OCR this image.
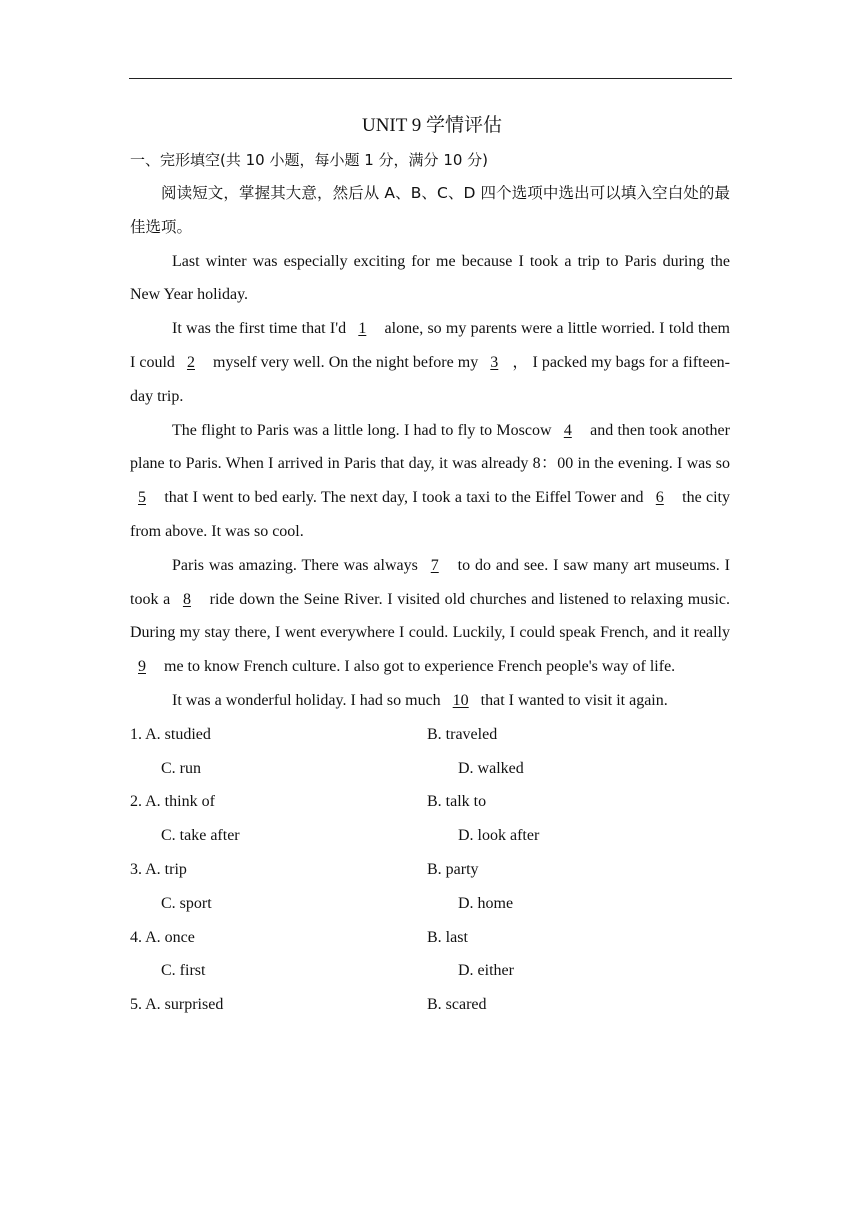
UNIT 9 学情评估
一、完形填空(共 10 小题，每小题 1 分，满分 10 分)

阅读短文，掌握其大意，然后从 A、B、C、D 四个选项中选出可以填入空白处的最佳选项。

Last winter was especially exciting for me because I took a trip to Paris during the New Year holiday.

It was the first time that I'd 1 alone, so my parents were a little worried. I told them I could 2 myself very well. On the night before my 3 ， I packed my bags for a fifteen-day trip.

The flight to Paris was a little long. I had to fly to Moscow 4 and then took another plane to Paris. When I arrived in Paris that day, it was already 8：00 in the evening. I was so 5 that I went to bed early. The next day, I took a taxi to the Eiffel Tower and 6 the city from above. It was so cool.

Paris was amazing. There was always 7 to do and see. I saw many art museums. I took a 8 ride down the Seine River. I visited old churches and listened to relaxing music. During my stay there, I went everywhere I could. Luckily, I could speak French, and it really 9 me to know French culture. I also got to experience French people's way of life.

It was a wonderful holiday. I had so much 10 that I wanted to visit it again.

1. A. studied	B. traveled
C. run	D. walked
2. A. think of	B. talk to
C. take after	D. look after
3. A. trip	B. party
C. sport	D. home
4. A. once	B. last
C. first	D. either
5. A. surprised	B. scared
